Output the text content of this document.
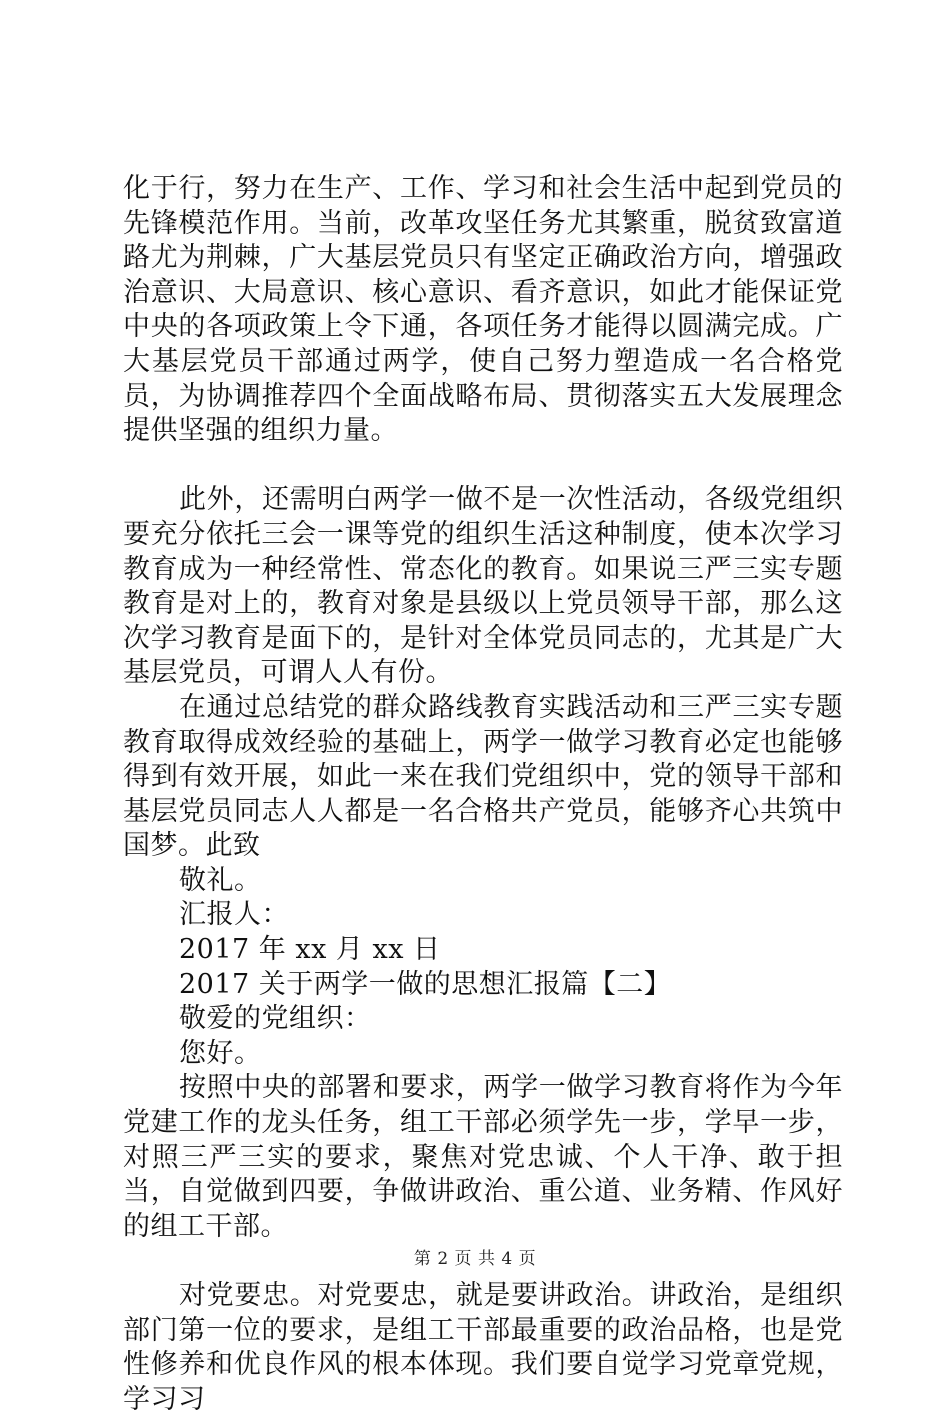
化于行，努力在生产、工作、学习和社会生活中起到党员的先锋模范作用。当前，改革攻坚任务尤其繁重，脱贫致富道路尤为荆棘，广大基层党员只有坚定正确政治方向，增强政治意识、大局意识、核心意识、看齐意识，如此才能保证党中央的各项政策上令下通，各项任务才能得以圆满完成。广大基层党员干部通过两学，使自己努力塑造成一名合格党员，为协调推荐四个全面战略布局、贯彻落实五大发展理念提供坚强的组织力量。

此外，还需明白两学一做不是一次性活动，各级党组织要充分依托三会一课等党的组织生活这种制度，使本次学习教育成为一种经常性、常态化的教育。如果说三严三实专题教育是对上的，教育对象是县级以上党员领导干部，那么这次学习教育是面下的，是针对全体党员同志的，尤其是广大基层党员，可谓人人有份。

在通过总结党的群众路线教育实践活动和三严三实专题教育取得成效经验的基础上，两学一做学习教育必定也能够得到有效开展，如此一来在我们党组织中，党的领导干部和基层党员同志人人都是一名合格共产党员，能够齐心共筑中国梦。此致

敬礼。

汇报人：

2017 年 xx 月 xx 日

2017 关于两学一做的思想汇报篇【二】

敬爱的党组织：

您好。

按照中央的部署和要求，两学一做学习教育将作为今年党建工作的龙头任务，组工干部必须学先一步，学早一步，对照三严三实的要求，聚焦对党忠诚、个人干净、敢于担当，自觉做到四要，争做讲政治、重公道、业务精、作风好的组工干部。

对党要忠。对党要忠，就是要讲政治。讲政治，是组织部门第一位的要求，是组工干部最重要的政治品格，也是党性修养和优良作风的根本体现。我们要自觉学习党章党规，学习习

第 2 页 共 4 页
